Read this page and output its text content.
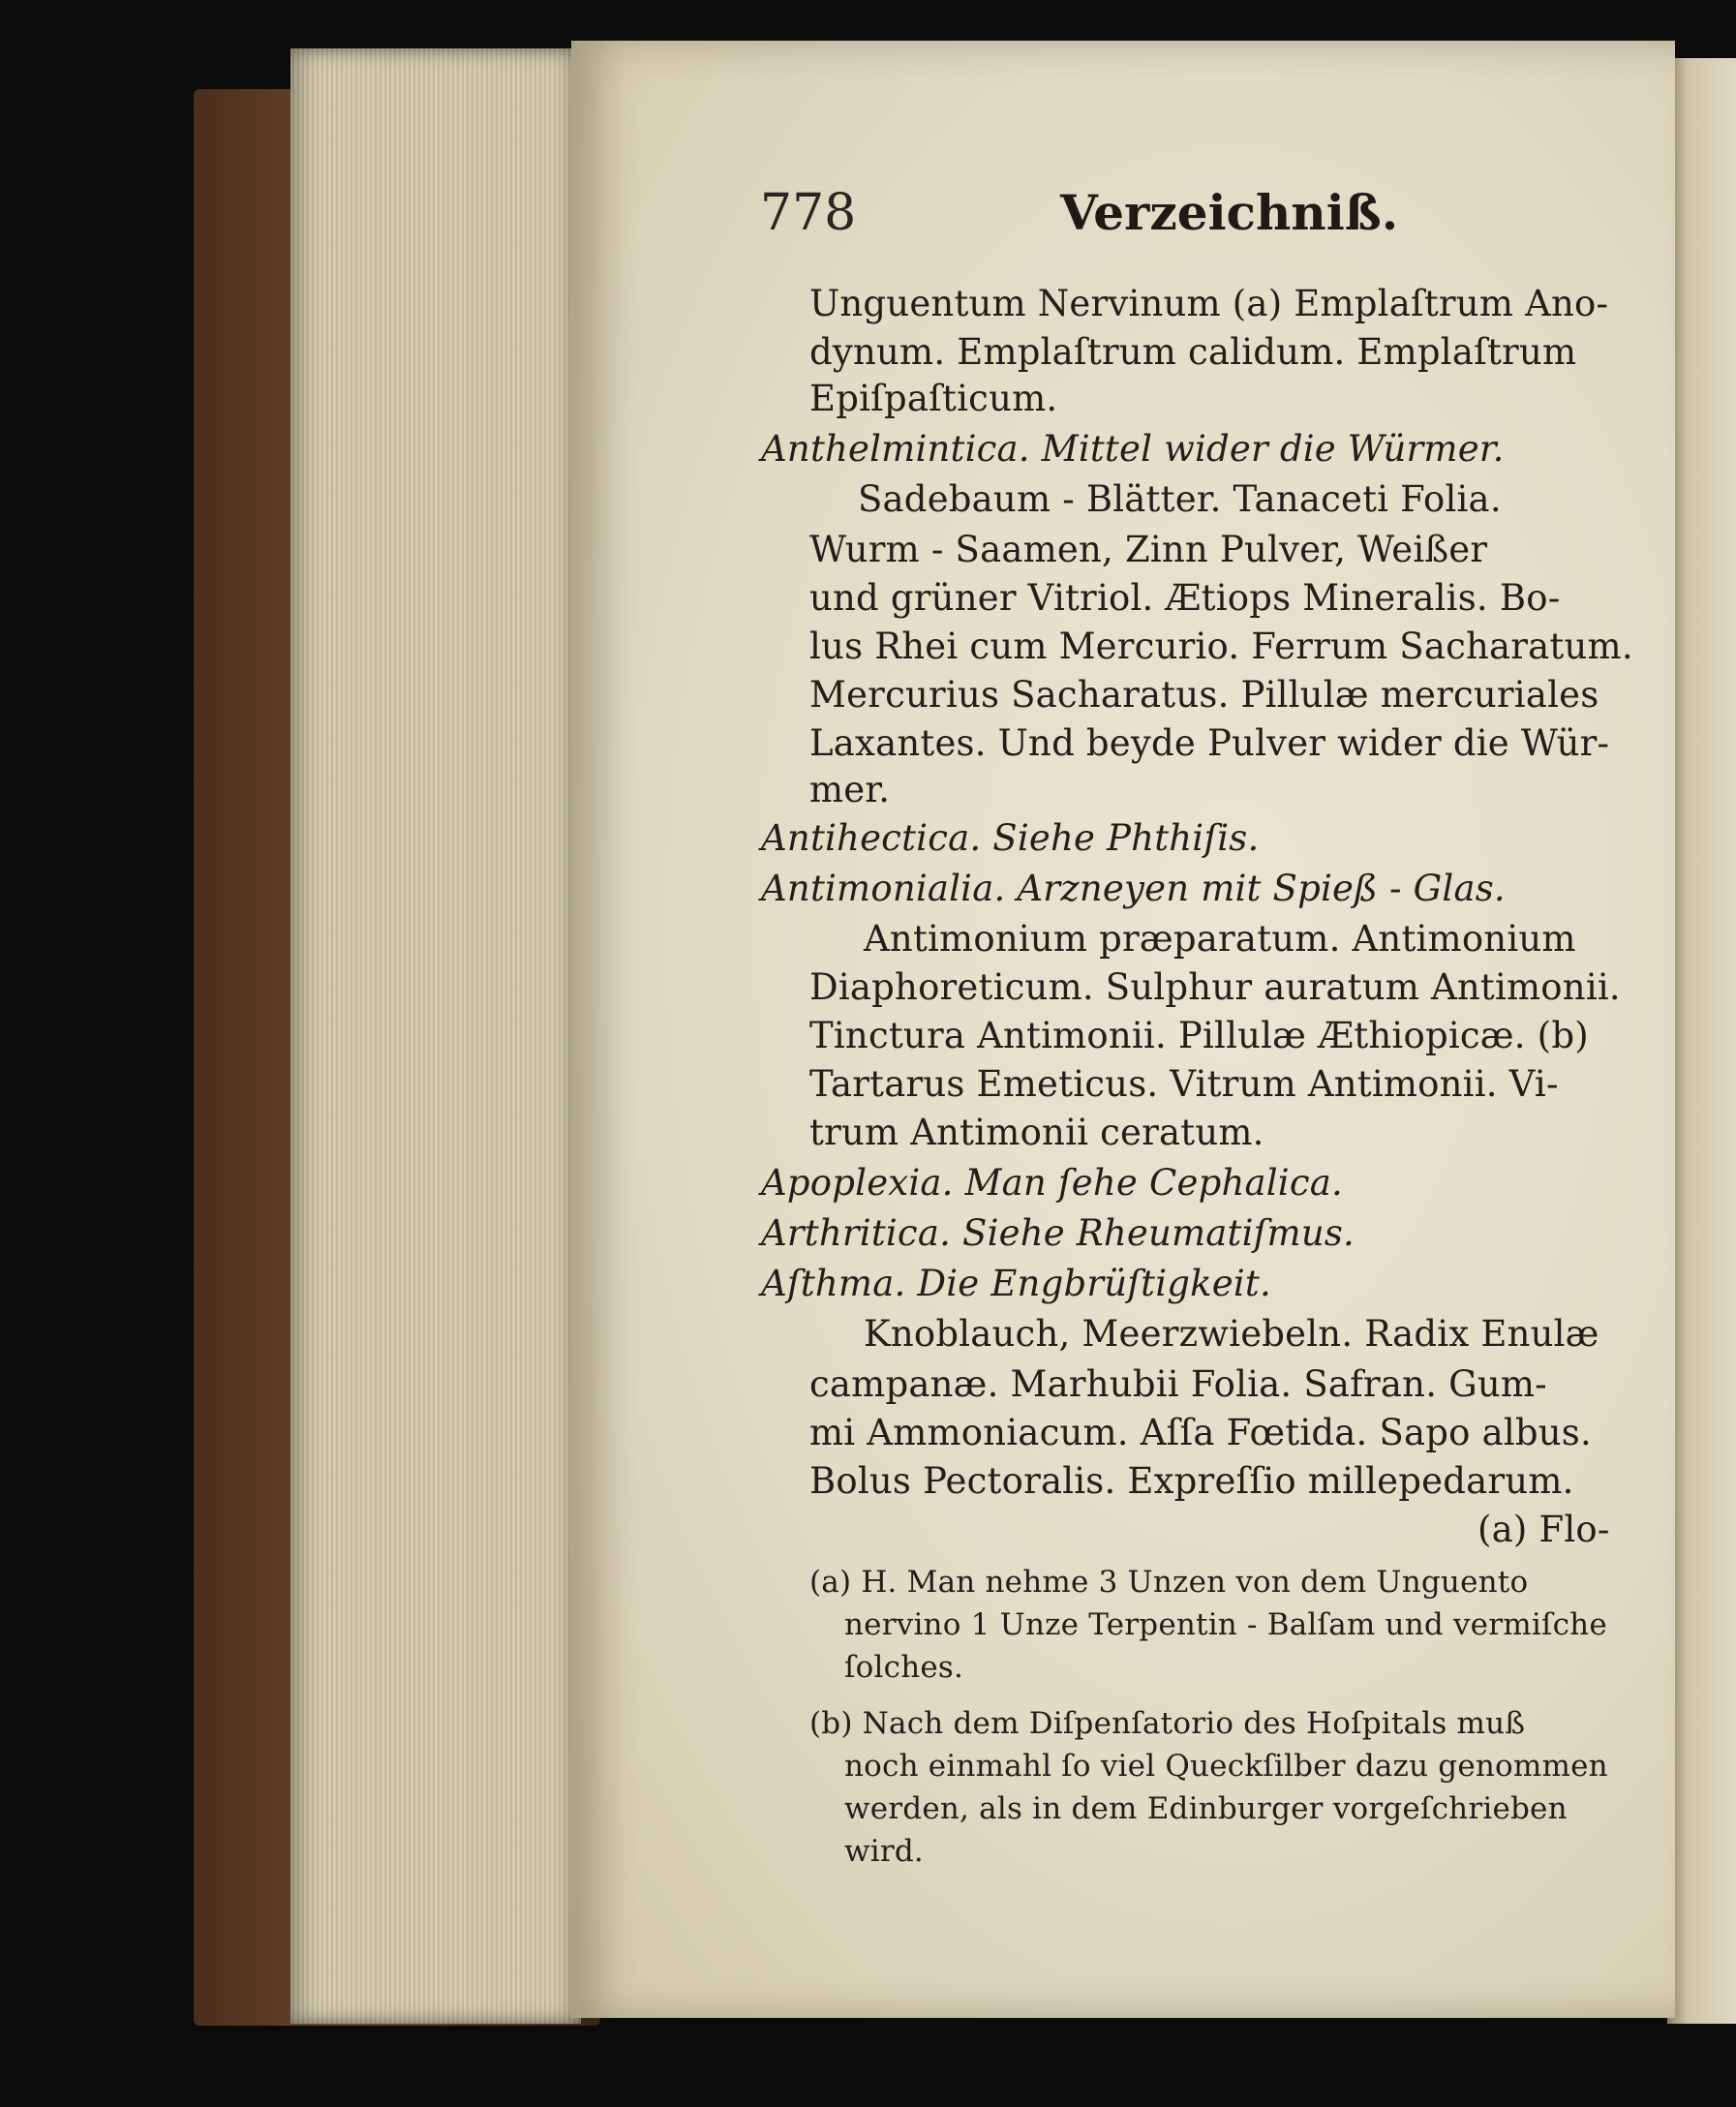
778	Verzeichniß.
Unguentum Nervinum (a) Emplaſtrum Ano-
dynum. Emplaſtrum calidum. Emplaſtrum
Epiſpaſticum.
Anthelmintica. Mittel wider die Würmer.
Sadebaum - Blätter. Tanaceti Folia.
Wurm - Saamen, Zinn Pulver, Weißer
und grüner Vitriol. Ætiops Mineralis. Bo-
lus Rhei cum Mercurio. Ferrum Sacharatum.
Mercurius Sacharatus. Pillulæ mercuriales
Laxantes. Und beyde Pulver wider die Wür-
mer.
Antihectica. Siehe Phthiſis.
Antimonialia. Arzneyen mit Spieß - Glas.
Antimonium præparatum. Antimonium
Diaphoreticum. Sulphur auratum Antimonii.
Tinctura Antimonii. Pillulæ Æthiopicæ. (b)
Tartarus Emeticus. Vitrum Antimonii. Vi-
trum Antimonii ceratum.
Apoplexia. Man ſehe Cephalica.
Arthritica. Siehe Rheumatiſmus.
Aſthma. Die Engbrüſtigkeit.
Knoblauch, Meerzwiebeln. Radix Enulæ
campanæ. Marhubii Folia. Safran. Gum-
mi Ammoniacum. Aſſa Fœtida. Sapo albus.
Bolus Pectoralis. Expreſſio millepedarum.
(a) Flo-
(a) H. Man nehme 3 Unzen von dem Unguento
nervino 1 Unze Terpentin - Balſam und vermiſche
ſolches.
(b) Nach dem Diſpenſatorio des Hoſpitals muß
noch einmahl ſo viel Queckſilber dazu genommen
werden, als in dem Edinburger vorgeſchrieben
wird.
